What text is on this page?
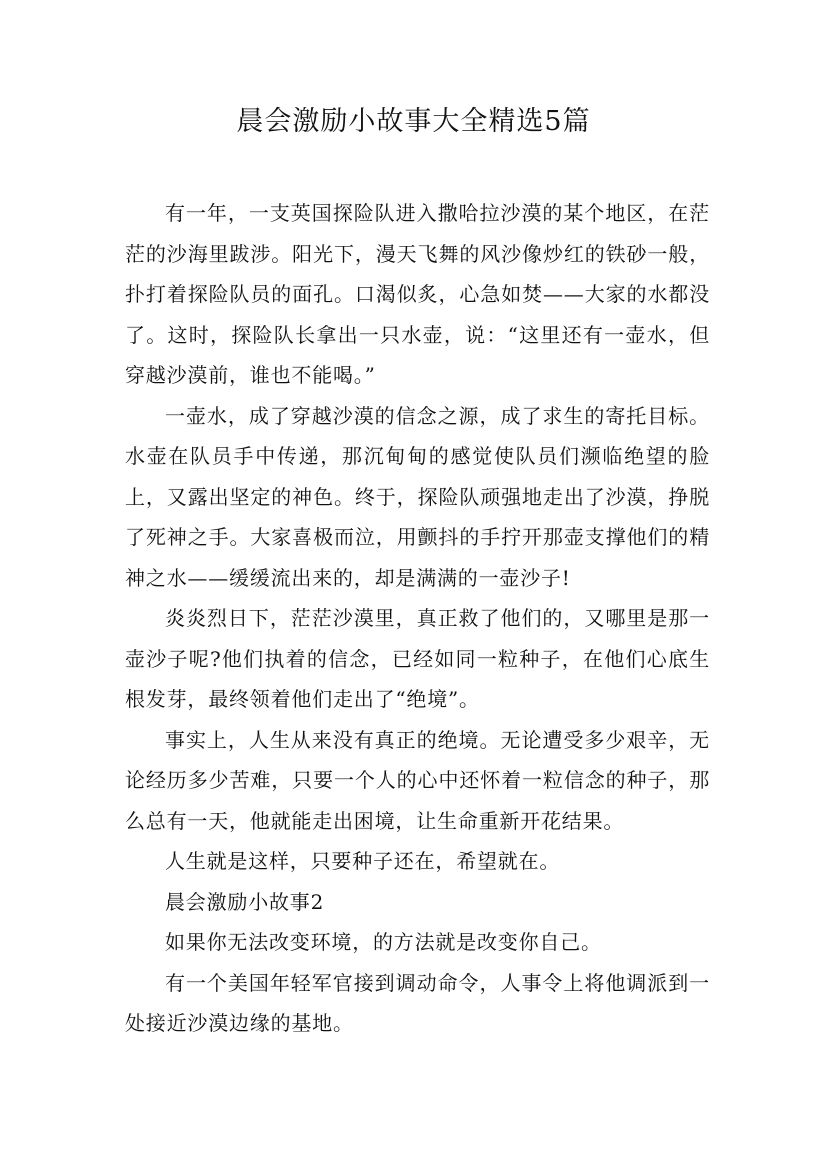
晨会激励小故事大全精选5篇

有一年，一支英国探险队进入撒哈拉沙漠的某个地区，在茫茫的沙海里跋涉。阳光下，漫天飞舞的风沙像炒红的铁砂一般，扑打着探险队员的面孔。口渴似炙，心急如焚——大家的水都没了。这时，探险队长拿出一只水壶，说：“这里还有一壶水，但穿越沙漠前，谁也不能喝。”

一壶水，成了穿越沙漠的信念之源，成了求生的寄托目标。水壶在队员手中传递，那沉甸甸的感觉使队员们濒临绝望的脸上，又露出坚定的神色。终于，探险队顽强地走出了沙漠，挣脱了死神之手。大家喜极而泣，用颤抖的手拧开那壶支撑他们的精神之水——缓缓流出来的，却是满满的一壶沙子!

炎炎烈日下，茫茫沙漠里，真正救了他们的，又哪里是那一壶沙子呢?他们执着的信念，已经如同一粒种子，在他们心底生根发芽，最终领着他们走出了“绝境”。

事实上，人生从来没有真正的绝境。无论遭受多少艰辛，无论经历多少苦难，只要一个人的心中还怀着一粒信念的种子，那么总有一天，他就能走出困境，让生命重新开花结果。

人生就是这样，只要种子还在，希望就在。

晨会激励小故事2

如果你无法改变环境，的方法就是改变你自己。

有一个美国年轻军官接到调动命令，人事令上将他调派到一处接近沙漠边缘的基地。
